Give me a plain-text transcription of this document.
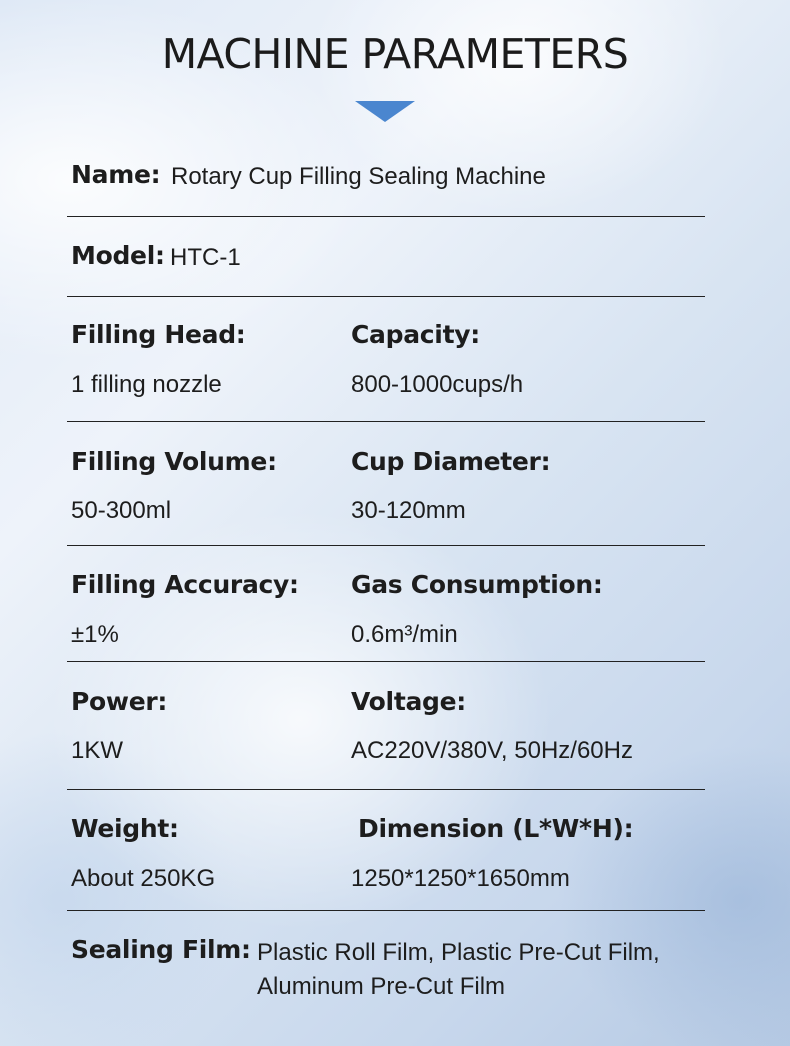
MACHINE PARAMETERS
Name: Rotary Cup Filling Sealing Machine
Model: HTC-1
Filling Head:
1 filling nozzle
Capacity:
800-1000cups/h
Filling Volume:
50-300ml
Cup Diameter:
30-120mm
Filling Accuracy:
±1%
Gas Consumption:
0.6m³/min
Power:
1KW
Voltage:
AC220V/380V, 50Hz/60Hz
Weight:
About 250KG
Dimension (L*W*H):
1250*1250*1650mm
Sealing Film: Plastic Roll Film, Plastic Pre-Cut Film,
Aluminum Pre-Cut Film
